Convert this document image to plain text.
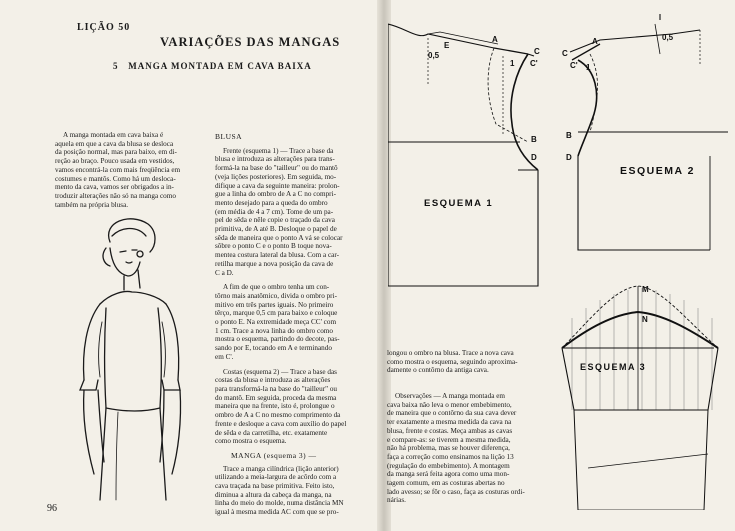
LIÇÃO 50
VARIAÇÕES DAS MANGAS
5 MANGA MONTADA EM CAVA BAIXA

A manga montada em cava baixa é

aquela em que a cava da blusa se desloca

da posição normal, mas para baixo, em di-

reção ao braço. Pouco usada em vestidos,

vamos encontrá-la com mais freqüência em

costumes e mantôs. Como há um desloca-

mento da cava, vamos ser obrigados a in-

troduzir alterações não só na manga como

também na própria blusa.

BLUSA

Frente (esquema 1) — Trace a base da

blusa e introduza as alterações para trans-

formá-la na base do "tailleur" ou do mantô

(veja lições posteriores). Em seguida, mo-

difique a cava da seguinte maneira: prolon-

gue a linha do ombro de A a C no compri-

mento desejado para a queda do ombro

(em média de 4 a 7 cm). Tome de um pa-

pel de sêda e nêle copie o traçado da cava

primitiva, de A até B. Desloque o papel de

sêda de maneira que o ponto A vá se colocar

sôbre o ponto C e o ponto B toque nova-

mentea costura lateral da blusa. Com a car-

retilha marque a nova posição da cava de

C a D.

A fim de que o ombro tenha um con-

tôrno mais anatômico, divida o ombro pri-

mitivo em três partes iguais. No primeiro

têrço, marque 0,5 cm para baixo e coloque

o ponto E. Na extremidade meça CC' com

1 cm. Trace a nova linha do ombro como

mostra o esquema, partindo do decote, pas-

sando por E, tocando em A e terminando

em C'.

Costas (esquema 2) — Trace a base das

costas da blusa e introduza as alterações

para transformá-la na base do "tailleur" ou

do mantô. Em seguida, proceda da mesma

maneira que na frente, isto é, prolongue o

ombro de A a C no mesmo comprimento da

frente e desloque a cava com auxílio do papel

de sêda e da carretilha, etc. exatamente

como mostra o esquema.

MANGA (esquema 3) —

Trace a manga cilíndrica (lição anterior)

utilizando a meia-largura de acôrdo com a

cava traçada na base primitiva. Feito isto,

diminua a altura da cabeça da manga, na

linha do meio do molde, numa distância MN

igual à mesma medida AC com que se pro-

longou o ombro na blusa. Trace a nova cava

como mostra o esquema, seguindo aproxima-

damente o contôrno da antiga cava.

Observações — A manga montada em

cava baixa não leva o menor embebimento,

de maneira que o contôrno da sua cava dever

ter exatamente a mesma medida da cava na

blusa, frente e costas. Meça ambas as cavas

e compare-as: se tiverem a mesma medida,

não há problema, mas se houver diferença,

faça a correção como ensinamos na lição 13

(regulação do embebimento). A montagem

da manga será feita agora como uma mon-

tagem comum, em as costuras abertas no

lado avesso; se fôr o caso, faça as costuras ordi-

nárias.

96
A
C
C'
E
0,5
1
B
D
ESQUEMA 1
A
C
C'
0,5
1
B
D
ESQUEMA 2
M
N
ESQUEMA 3
